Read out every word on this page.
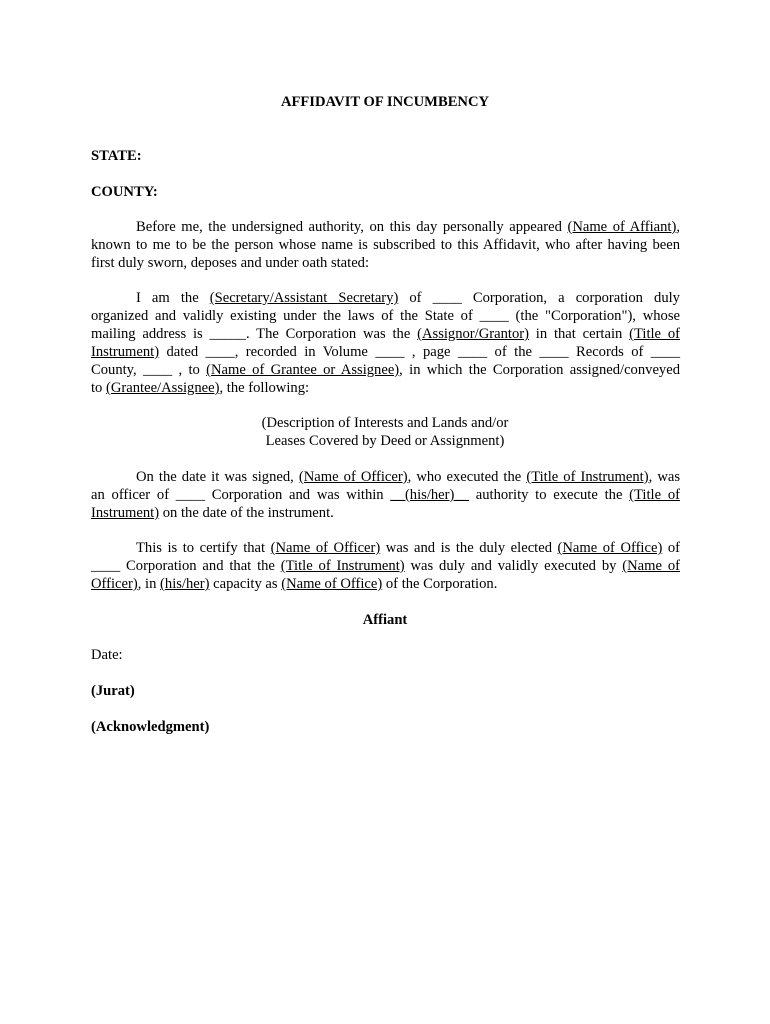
AFFIDAVIT OF INCUMBENCY
STATE:
COUNTY:
Before me, the undersigned authority, on this day personally appeared (Name of Affiant),
known to me to be the person whose name is subscribed to this Affidavit, who after having been
first duly sworn, deposes and under oath stated:
I am the (Secretary/Assistant Secretary) of ____ Corporation, a corporation duly
organized and validly existing under the laws of the State of ____ (the "Corporation"), whose
mailing address is _____. The Corporation was the (Assignor/Grantor) in that certain (Title of
Instrument) dated ____, recorded in Volume ____ , page ____ of the ____ Records of ____
County, ____ , to (Name of Grantee or Assignee), in which the Corporation assigned/conveyed
to (Grantee/Assignee), the following:
(Description of Interests and Lands and/or
Leases Covered by Deed or Assignment)
On the date it was signed, (Name of Officer), who executed the (Title of Instrument), was
an officer of ____ Corporation and was within __(his/her)__ authority to execute the (Title of
Instrument) on the date of the instrument.
This is to certify that (Name of Officer) was and is the duly elected (Name of Office) of
____ Corporation and that the (Title of Instrument) was duly and validly executed by (Name of
Officer), in (his/her) capacity as (Name of Office) of the Corporation.
Affiant
Date:
(Jurat)
(Acknowledgment)
